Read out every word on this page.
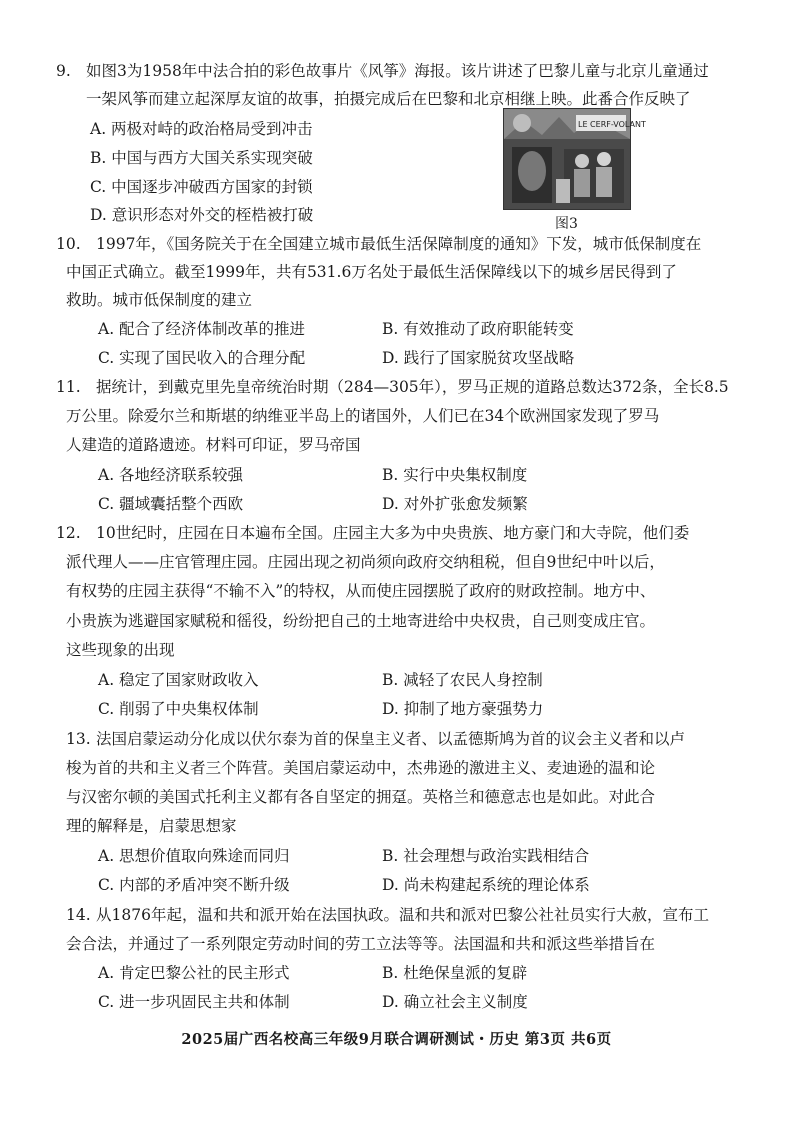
9. 如图3为1958年中法合拍的彩色故事片《风筝》海报。该片讲述了巴黎儿童与北京儿童通过
一架风筝而建立起深厚友谊的故事，拍摄完成后在巴黎和北京相继上映。此番合作反映了
A. 两极对峙的政治格局受到冲击
B. 中国与西方大国关系实现突破
C. 中国逐步冲破西方国家的封锁
D. 意识形态对外交的桎梏被打破
LE CERF-VOLANT
图3
10. 1997年，《国务院关于在全国建立城市最低生活保障制度的通知》下发，城市低保制度在
中国正式确立。截至1999年，共有531.6万名处于最低生活保障线以下的城乡居民得到了
救助。城市低保制度的建立
A. 配合了经济体制改革的推进	B. 有效推动了政府职能转变
C. 实现了国民收入的合理分配	D. 践行了国家脱贫攻坚战略
11. 据统计，到戴克里先皇帝统治时期（284—305年），罗马正规的道路总数达372条，全长8.5
万公里。除爱尔兰和斯堪的纳维亚半岛上的诸国外，人们已在34个欧洲国家发现了罗马
人建造的道路遗迹。材料可印证，罗马帝国
A. 各地经济联系较强	B. 实行中央集权制度
C. 疆域囊括整个西欧	D. 对外扩张愈发频繁
12. 10世纪时，庄园在日本遍布全国。庄园主大多为中央贵族、地方豪门和大寺院，他们委
派代理人——庄官管理庄园。庄园出现之初尚须向政府交纳租税，但自9世纪中叶以后，
有权势的庄园主获得“不输不入”的特权，从而使庄园摆脱了政府的财政控制。地方中、
小贵族为逃避国家赋税和徭役，纷纷把自己的土地寄进给中央权贵，自己则变成庄官。
这些现象的出现
A. 稳定了国家财政收入	B. 减轻了农民人身控制
C. 削弱了中央集权体制	D. 抑制了地方豪强势力
13. 法国启蒙运动分化成以伏尔泰为首的保皇主义者、以孟德斯鸠为首的议会主义者和以卢
梭为首的共和主义者三个阵营。美国启蒙运动中，杰弗逊的激进主义、麦迪逊的温和论
与汉密尔顿的美国式托利主义都有各自坚定的拥趸。英格兰和德意志也是如此。对此合
理的解释是，启蒙思想家
A. 思想价值取向殊途而同归	B. 社会理想与政治实践相结合
C. 内部的矛盾冲突不断升级	D. 尚未构建起系统的理论体系
14. 从1876年起，温和共和派开始在法国执政。温和共和派对巴黎公社社员实行大赦，宣布工
会合法，并通过了一系列限定劳动时间的劳工立法等等。法国温和共和派这些举措旨在
A. 肯定巴黎公社的民主形式	B. 杜绝保皇派的复辟
C. 进一步巩固民主共和体制	D. 确立社会主义制度
2025届广西名校高三年级9月联合调研测试・历史 第3页 共6页
